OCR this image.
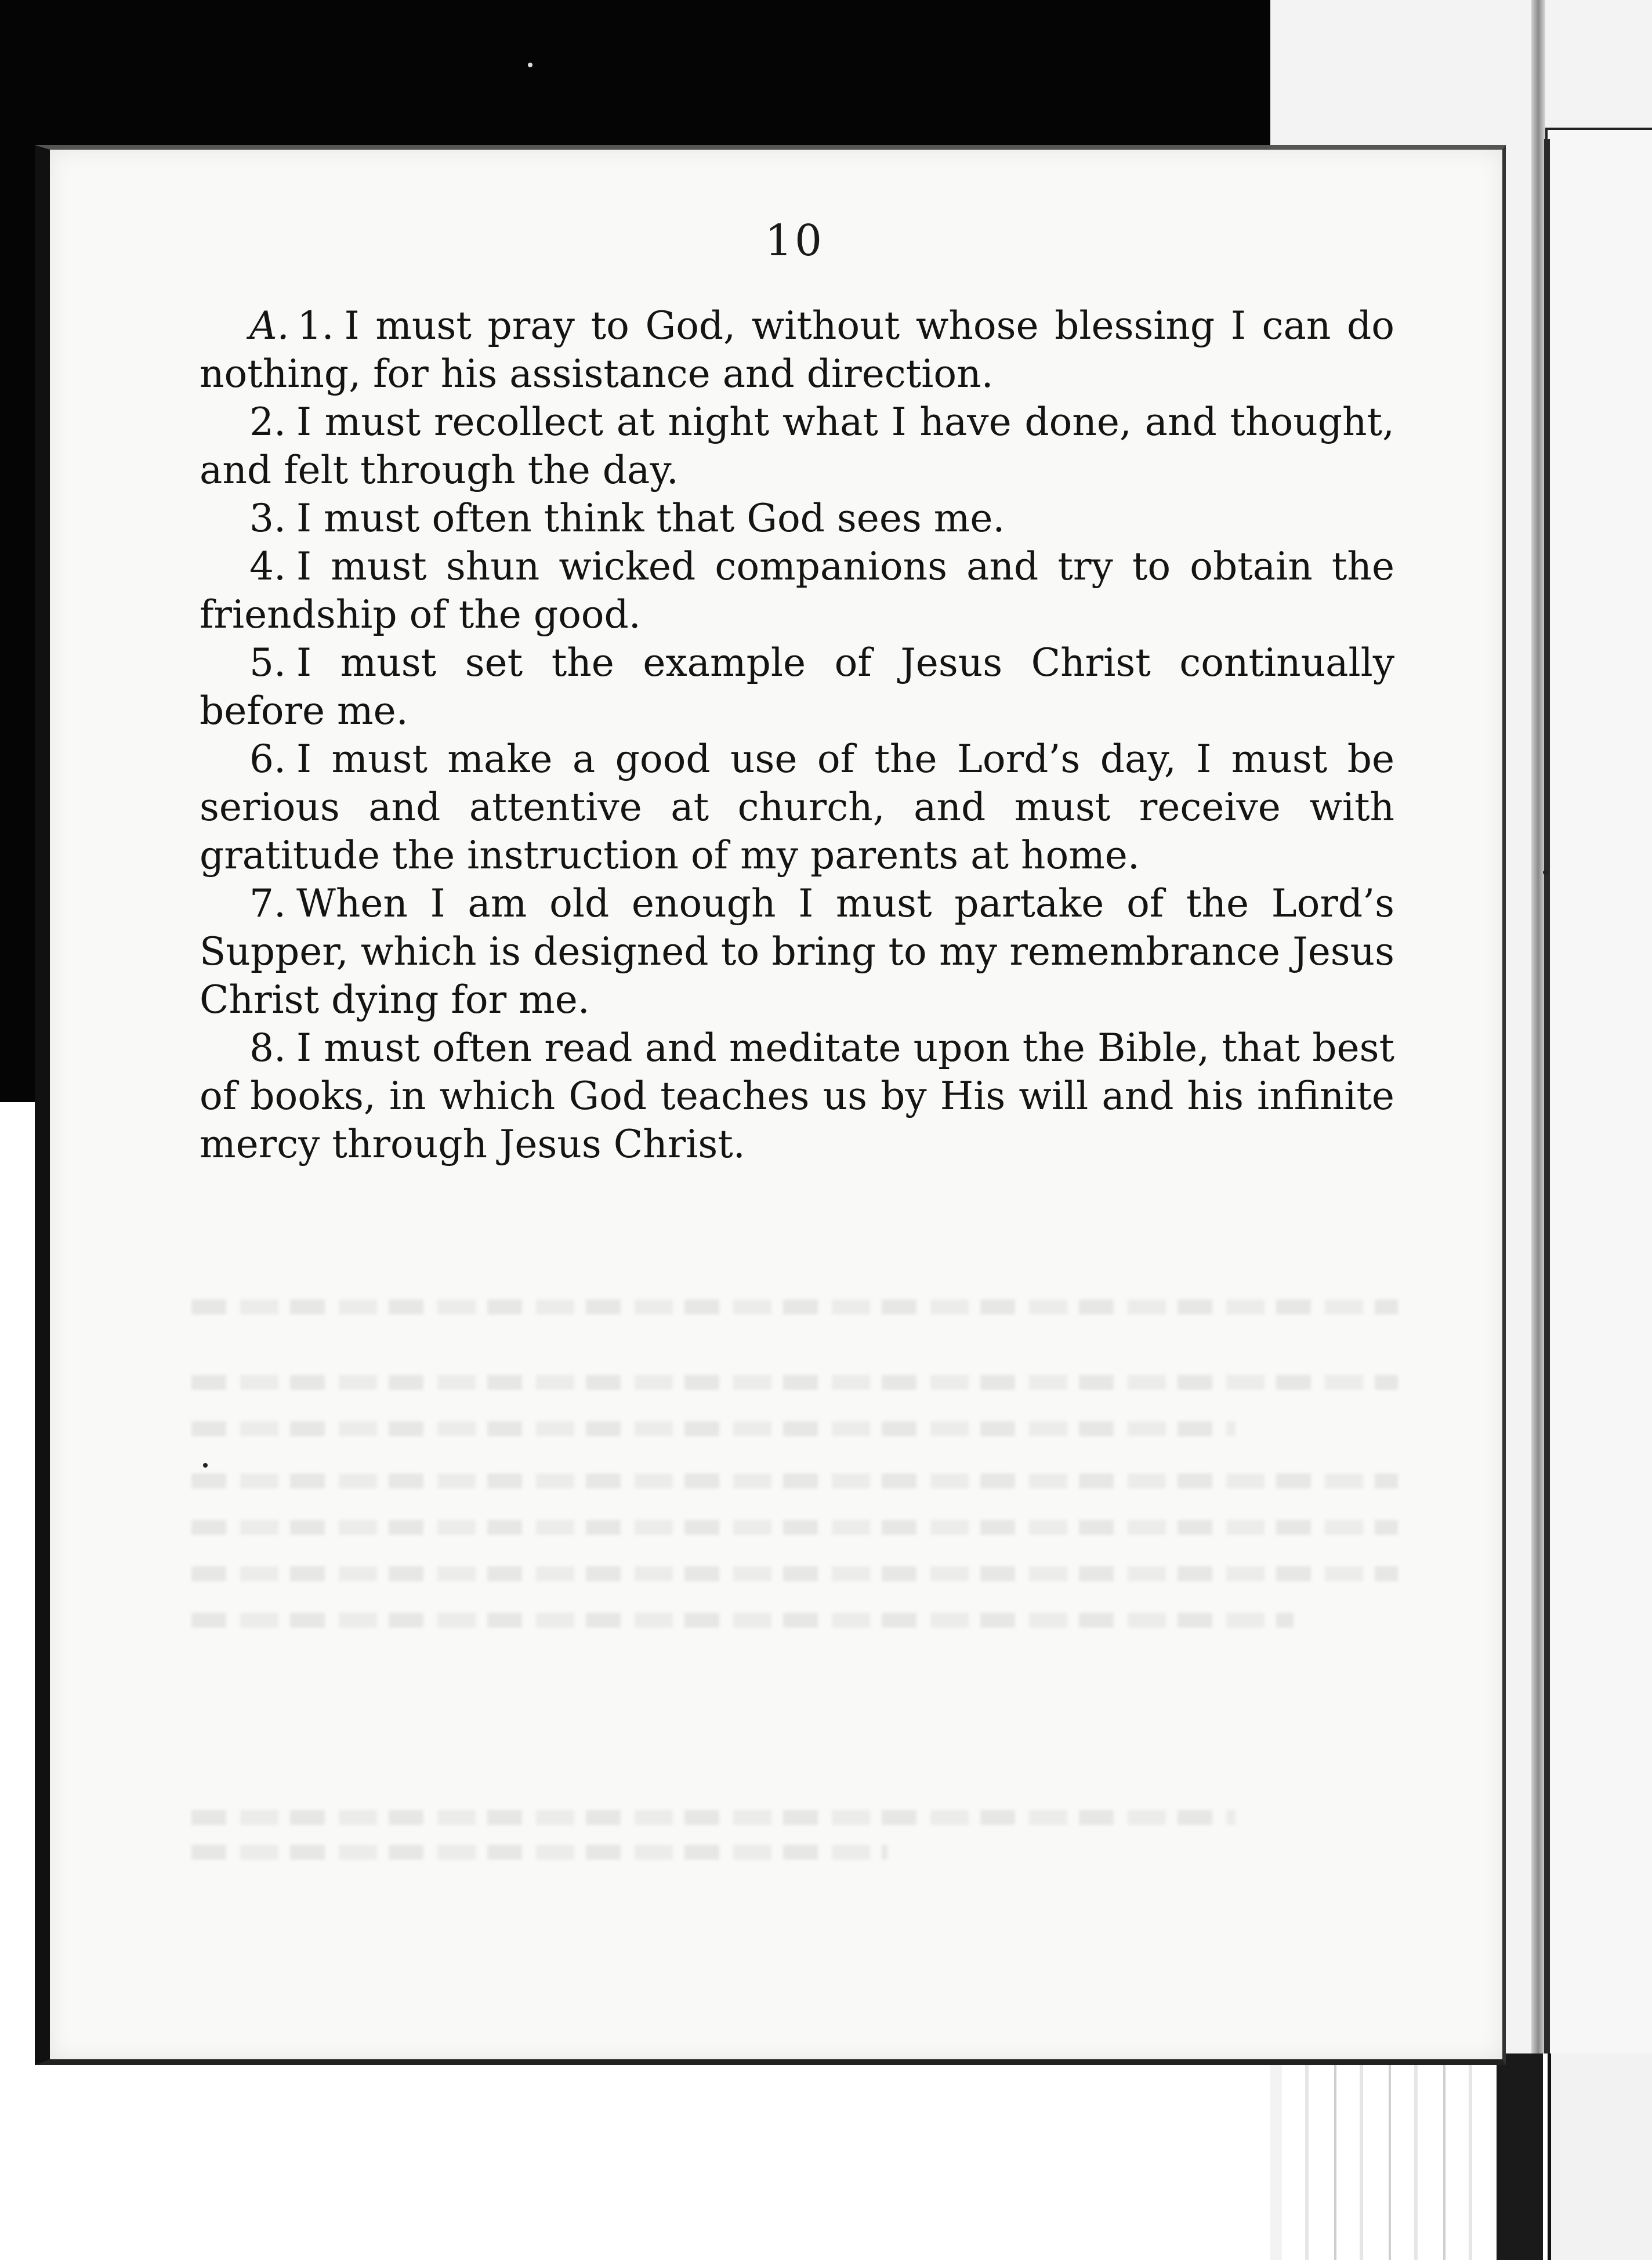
10

A. 1. I must pray to God, without whose blessing I can do nothing, for his assistance and direction.

2. I must recollect at night what I have done, and thought, and felt through the day.

3. I must often think that God sees me.

4. I must shun wicked companions and try to obtain the friendship of the good.

5. I must set the example of Jesus Christ continually before me.

6. I must make a good use of the Lord’s day, I must be serious and attentive at church, and must receive with gratitude the instruction of my parents at home.

7. When I am old enough I must partake of the Lord’s Supper, which is designed to bring to my remembrance Jesus Christ dying for me.

8. I must often read and meditate upon the Bible, that best of books, in which God teaches us by His will and his infinite mercy through Jesus Christ.
